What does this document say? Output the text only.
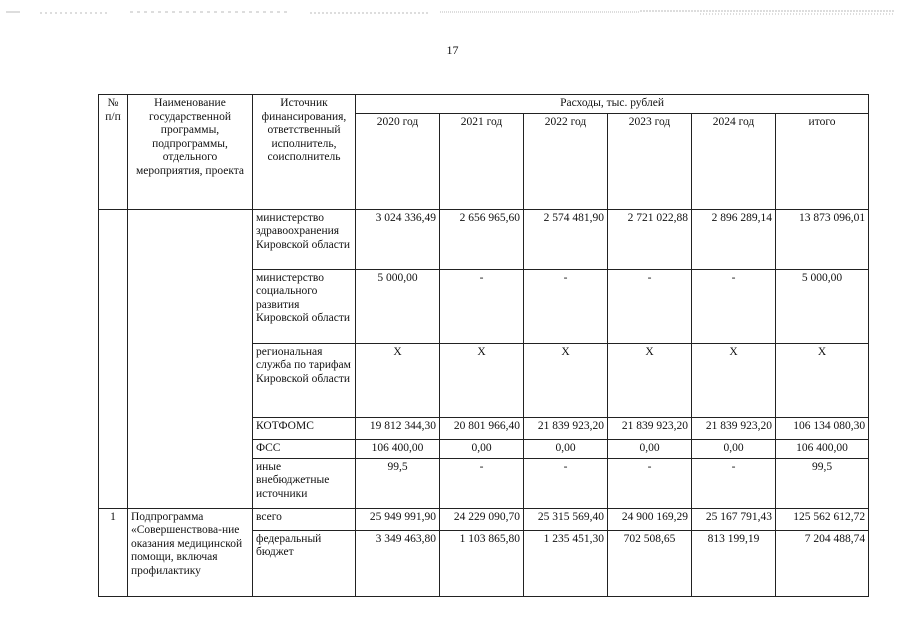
17
№ п/п	Наименование государственной программы, подпрограммы, отдельного мероприятия, проекта	Источник финансирования, ответственный исполнитель, соисполнитель	Расходы, тыс. рублей					
			2020 год	2021 год	2022 год	2023 год	2024 год	итого
		министерство здравоохранения Кировской области	3 024 336,49	2 656 965,60	2 574 481,90	2 721 022,88	2 896 289,14	13 873 096,01
		министерство социального развития Кировской области	5 000,00	-	-	-	-	5 000,00
		региональная служба по тарифам Кировской области	Х	Х	Х	Х	Х	Х
		КОТФОМС	19 812 344,30	20 801 966,40	21 839 923,20	21 839 923,20	21 839 923,20	106 134 080,30
		ФСС	106 400,00	0,00	0,00	0,00	0,00	106 400,00
		иные внебюджетные источники	99,5	-	-	-	-	99,5
1	Подпрограмма «Совершенствова-ние оказания медицинской помощи, включая профилактику	всего	25 949 991,90	24 229 090,70	25 315 569,40	24 900 169,29	25 167 791,43	125 562 612,72
		федеральный бюджет	3 349 463,80	1 103 865,80	1 235 451,30	702 508,65	813 199,19	7 204 488,74
